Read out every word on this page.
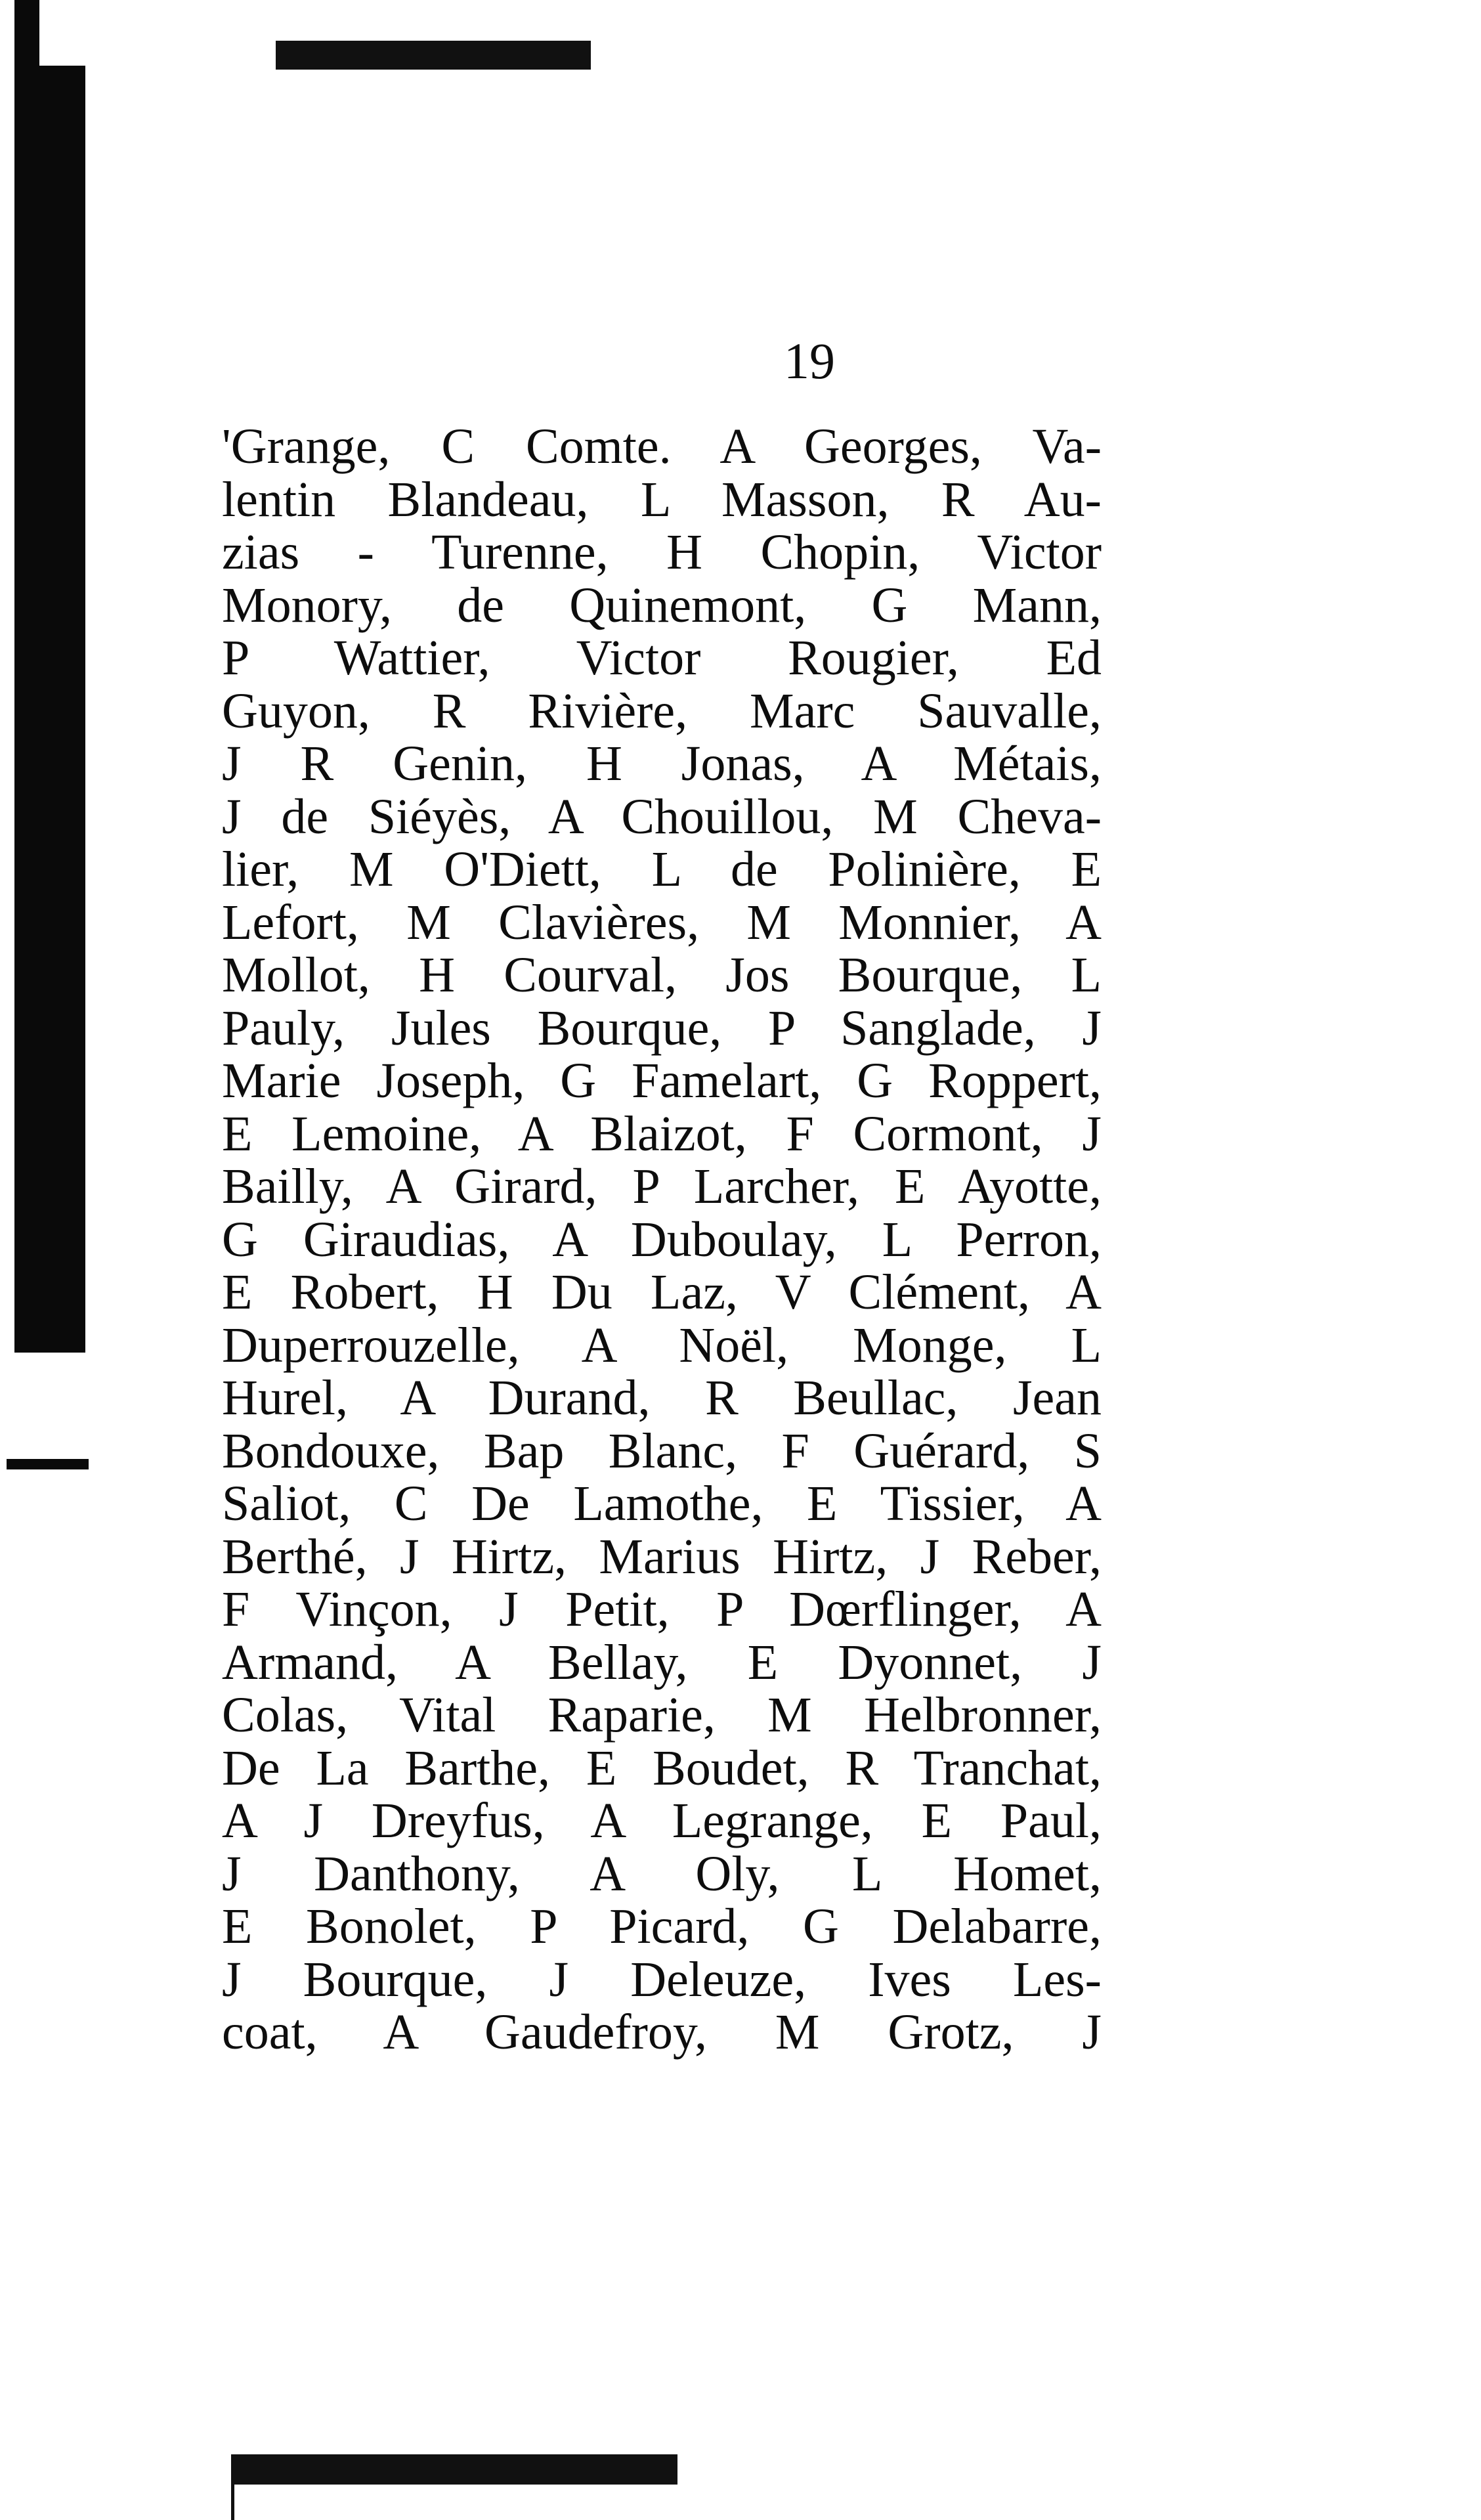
19
'Grange, C Comte. A Georges, Va-
lentin Blandeau, L Masson, R Au-
zias - Turenne, H Chopin, Victor
Monory, de Quinemont, G Mann,
P Wattier, Victor Rougier, Ed
Guyon, R Rivière, Marc Sauvalle,
J R Genin, H Jonas, A Métais,
J de Siéyès, A Chouillou, M Cheva-
lier, M O'Diett, L de Polinière, E
Lefort, M Clavières, M Monnier, A
Mollot, H Courval, Jos Bourque, L
Pauly, Jules Bourque, P Sanglade, J
Marie Joseph, G Famelart, G Roppert,
E Lemoine, A Blaizot, F Cormont, J
Bailly, A Girard, P Larcher, E Ayotte,
G Giraudias, A Duboulay, L Perron,
E Robert, H Du Laz, V Clément, A
Duperrouzelle, A Noël, Monge, L
Hurel, A Durand, R Beullac, Jean
Bondouxe, Bap Blanc, F Guérard, S
Saliot, C De Lamothe, E Tissier, A
Berthé, J Hirtz, Marius Hirtz, J Reber,
F Vinçon, J Petit, P Dœrflinger, A
Armand, A Bellay, E Dyonnet, J
Colas, Vital Raparie, M Helbronner,
De La Barthe, E Boudet, R Tranchat,
A J Dreyfus, A Legrange, E Paul,
J Danthony, A Oly, L Homet,
E Bonolet, P Picard, G Delabarre,
J Bourque, J Deleuze, Ives Les-
coat, A Gaudefroy, M Grotz, J
